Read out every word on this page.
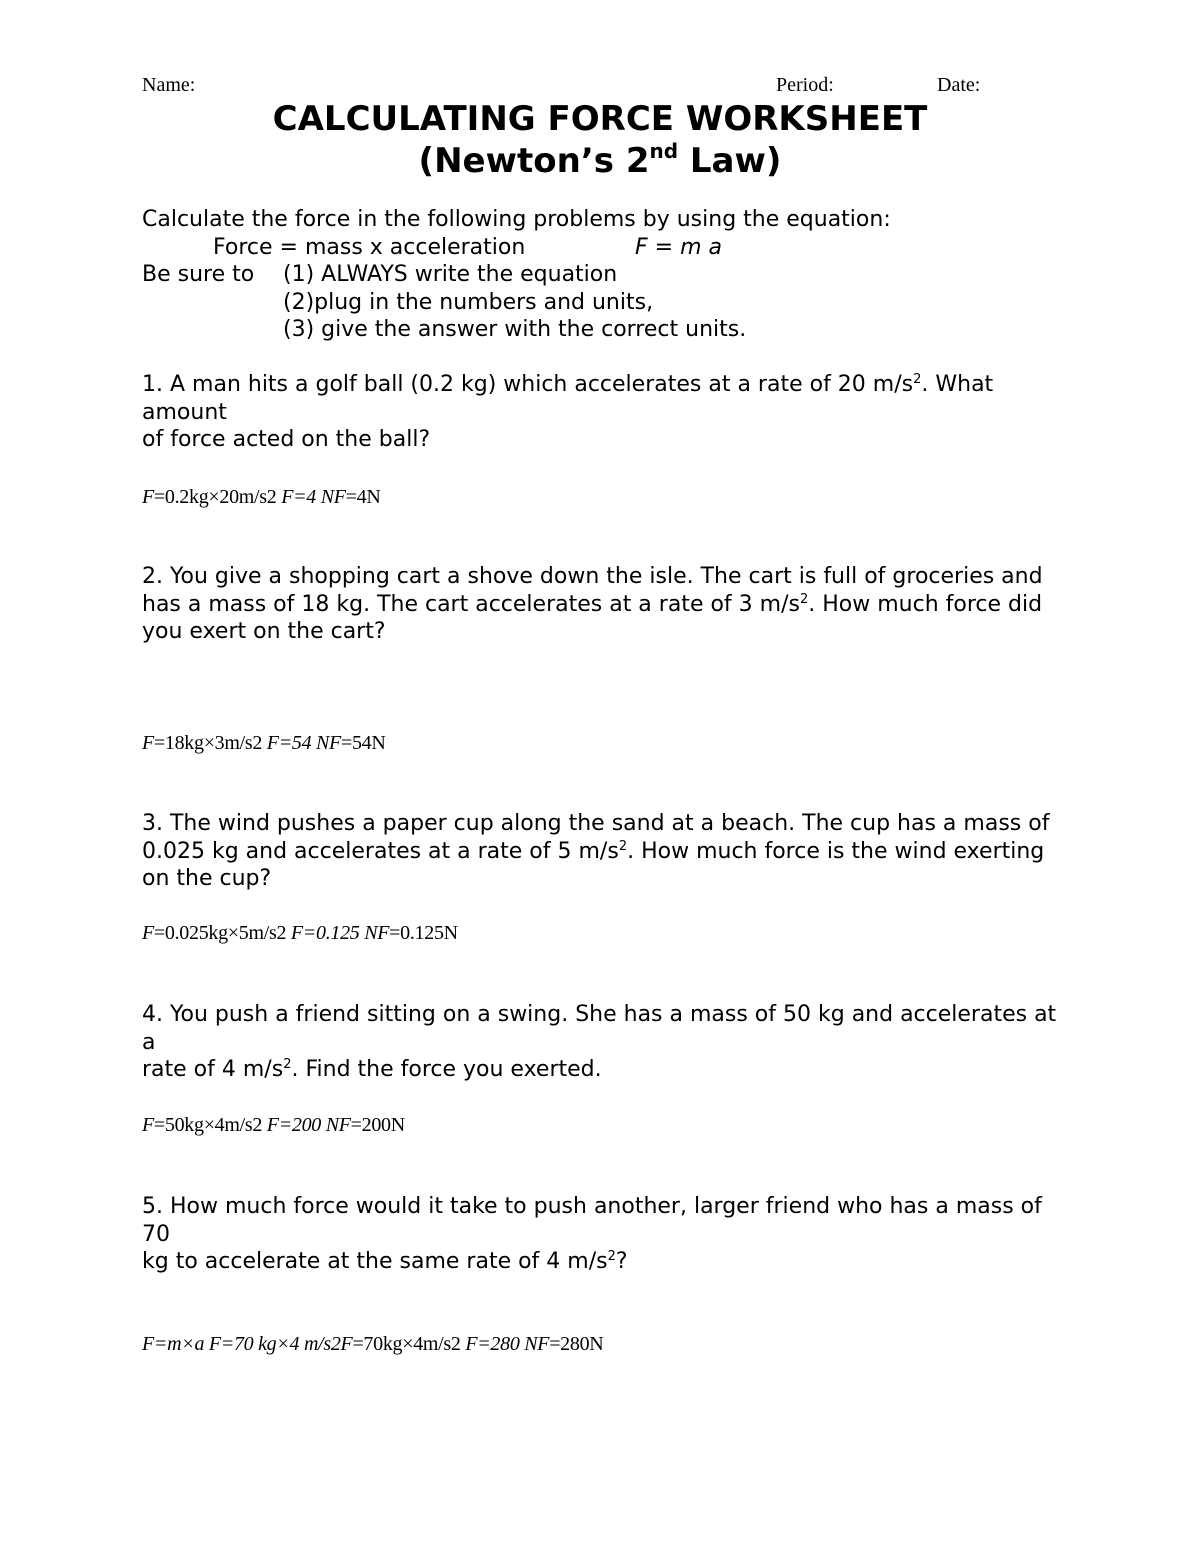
Name:	Period:	Date:
CALCULATING FORCE WORKSHEET
(Newton’s 2nd Law)
Calculate the force in the following problems by using the equation:
Force = mass x acceleration	F = m a
Be sure to (1) ALWAYS write the equation
(2)plug in the numbers and units,
(3) give the answer with the correct units.
1. A man hits a golf ball (0.2 kg) which accelerates at a rate of 20 $m/s^2$. What amount
of force acted on the ball?
F=0.2kg×20m/s2 F=4 NF=4N
2. You give a shopping cart a shove down the isle. The cart is full of groceries and
has a mass of 18 kg. The cart accelerates at a rate of 3 $m/s^2$. How much force did
you exert on the cart?
F=18kg×3m/s2 F=54 NF=54N
3. The wind pushes a paper cup along the sand at a beach. The cup has a mass of 0.025 kg and accelerates at a rate of 5 $m/s^2$. How much force is the wind exerting on the cup?
F=0.025kg×5m/s2 F=0.125 NF=0.125N
4. You push a friend sitting on a swing. She has a mass of 50 kg and accelerates at a
rate of 4 $m/s^2$. Find the force you exerted.
F=50kg×4m/s2 F=200 NF=200N
5. How much force would it take to push another, larger friend who has a mass of 70
kg to accelerate at the same rate of 4 $m/s^2$?
F=m×a F=70 kg×4 m/s2F=70kg×4m/s2 F=280 NF=280N
